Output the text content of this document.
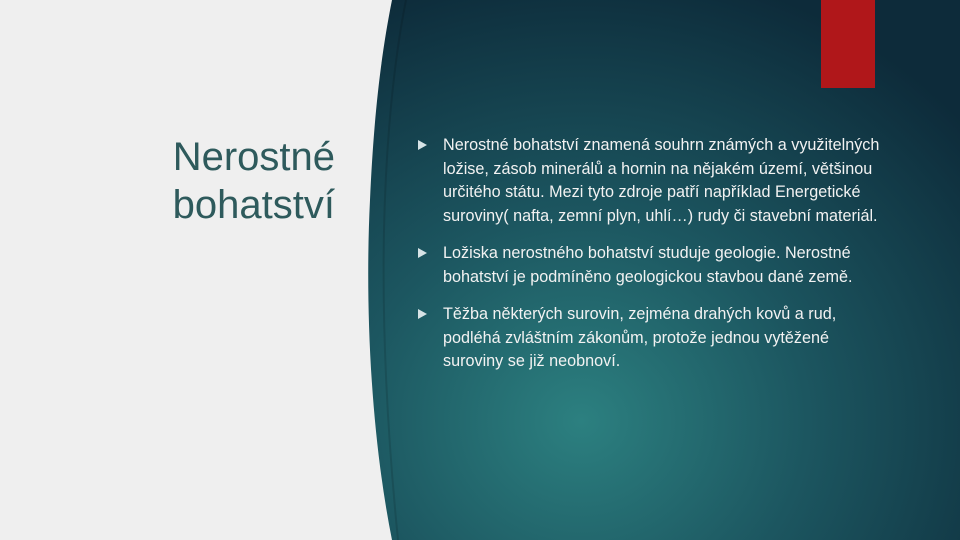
Nerostné
bohatství
Nerostné bohatství znamená souhrn známých a využitelných ložise, zásob minerálů a hornin na nějakém území, většinou určitého státu. Mezi tyto zdroje patří například Energetické suroviny( nafta, zemní plyn, uhlí…) rudy či stavební materiál.
Ložiska nerostného bohatství studuje geologie. Nerostné bohatství je podmíněno geologickou stavbou dané země.
Těžba některých surovin, zejména drahých kovů a rud, podléhá zvláštním zákonům, protože jednou vytěžené suroviny se již neobnoví.
